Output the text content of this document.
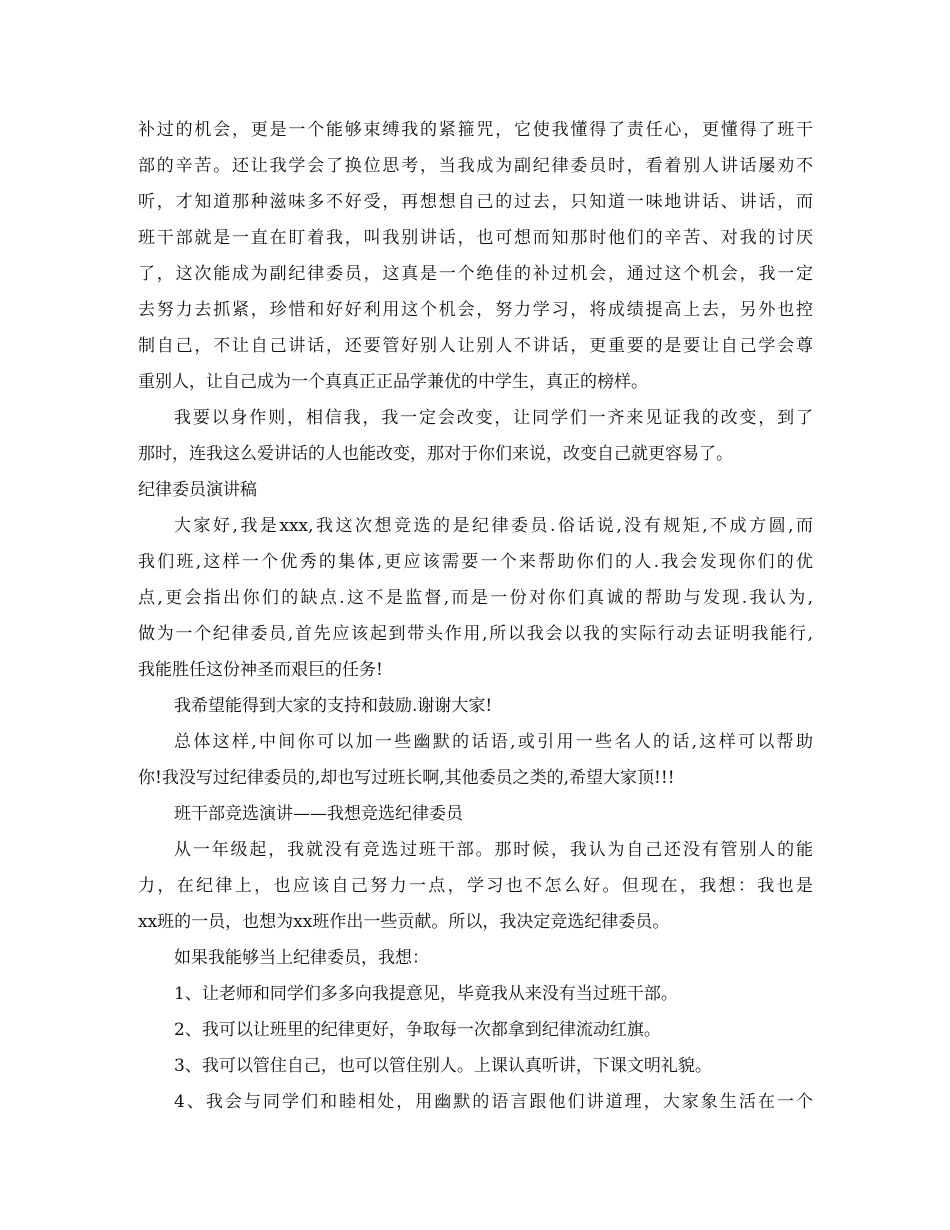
补过的机会，更是一个能够束缚我的紧箍咒，它使我懂得了责任心，更懂得了班干
部的辛苦。还让我学会了换位思考，当我成为副纪律委员时，看着别人讲话屡劝不
听，才知道那种滋味多不好受，再想想自己的过去，只知道一味地讲话、讲话，而
班干部就是一直在盯着我，叫我别讲话，也可想而知那时他们的辛苦、对我的讨厌
了，这次能成为副纪律委员，这真是一个绝佳的补过机会，通过这个机会，我一定
去努力去抓紧，珍惜和好好利用这个机会，努力学习，将成绩提高上去，另外也控
制自己，不让自己讲话，还要管好别人让别人不讲话，更重要的是要让自己学会尊
重别人，让自己成为一个真真正正品学兼优的中学生，真正的榜样。
我要以身作则，相信我，我一定会改变，让同学们一齐来见证我的改变，到了
那时，连我这么爱讲话的人也能改变，那对于你们来说，改变自己就更容易了。
纪律委员演讲稿
大家好,我是xxx,我这次想竞选的是纪律委员.俗话说,没有规矩,不成方圆,而
我们班,这样一个优秀的集体,更应该需要一个来帮助你们的人.我会发现你们的优
点,更会指出你们的缺点.这不是监督,而是一份对你们真诚的帮助与发现.我认为,
做为一个纪律委员,首先应该起到带头作用,所以我会以我的实际行动去证明我能行,
我能胜任这份神圣而艰巨的任务!
我希望能得到大家的支持和鼓励.谢谢大家!
总体这样,中间你可以加一些幽默的话语,或引用一些名人的话,这样可以帮助
你!我没写过纪律委员的,却也写过班长啊,其他委员之类的,希望大家顶!!!
班干部竞选演讲——我想竞选纪律委员
从一年级起，我就没有竞选过班干部。那时候，我认为自己还没有管别人的能
力，在纪律上，也应该自己努力一点，学习也不怎么好。但现在，我想：我也是
xx班的一员，也想为xx班作出一些贡献。所以，我决定竞选纪律委员。
如果我能够当上纪律委员，我想：
1、让老师和同学们多多向我提意见，毕竟我从来没有当过班干部。
2、我可以让班里的纪律更好，争取每一次都拿到纪律流动红旗。
3、我可以管住自己，也可以管住别人。上课认真听讲，下课文明礼貌。
4、我会与同学们和睦相处，用幽默的语言跟他们讲道理，大家象生活在一个
